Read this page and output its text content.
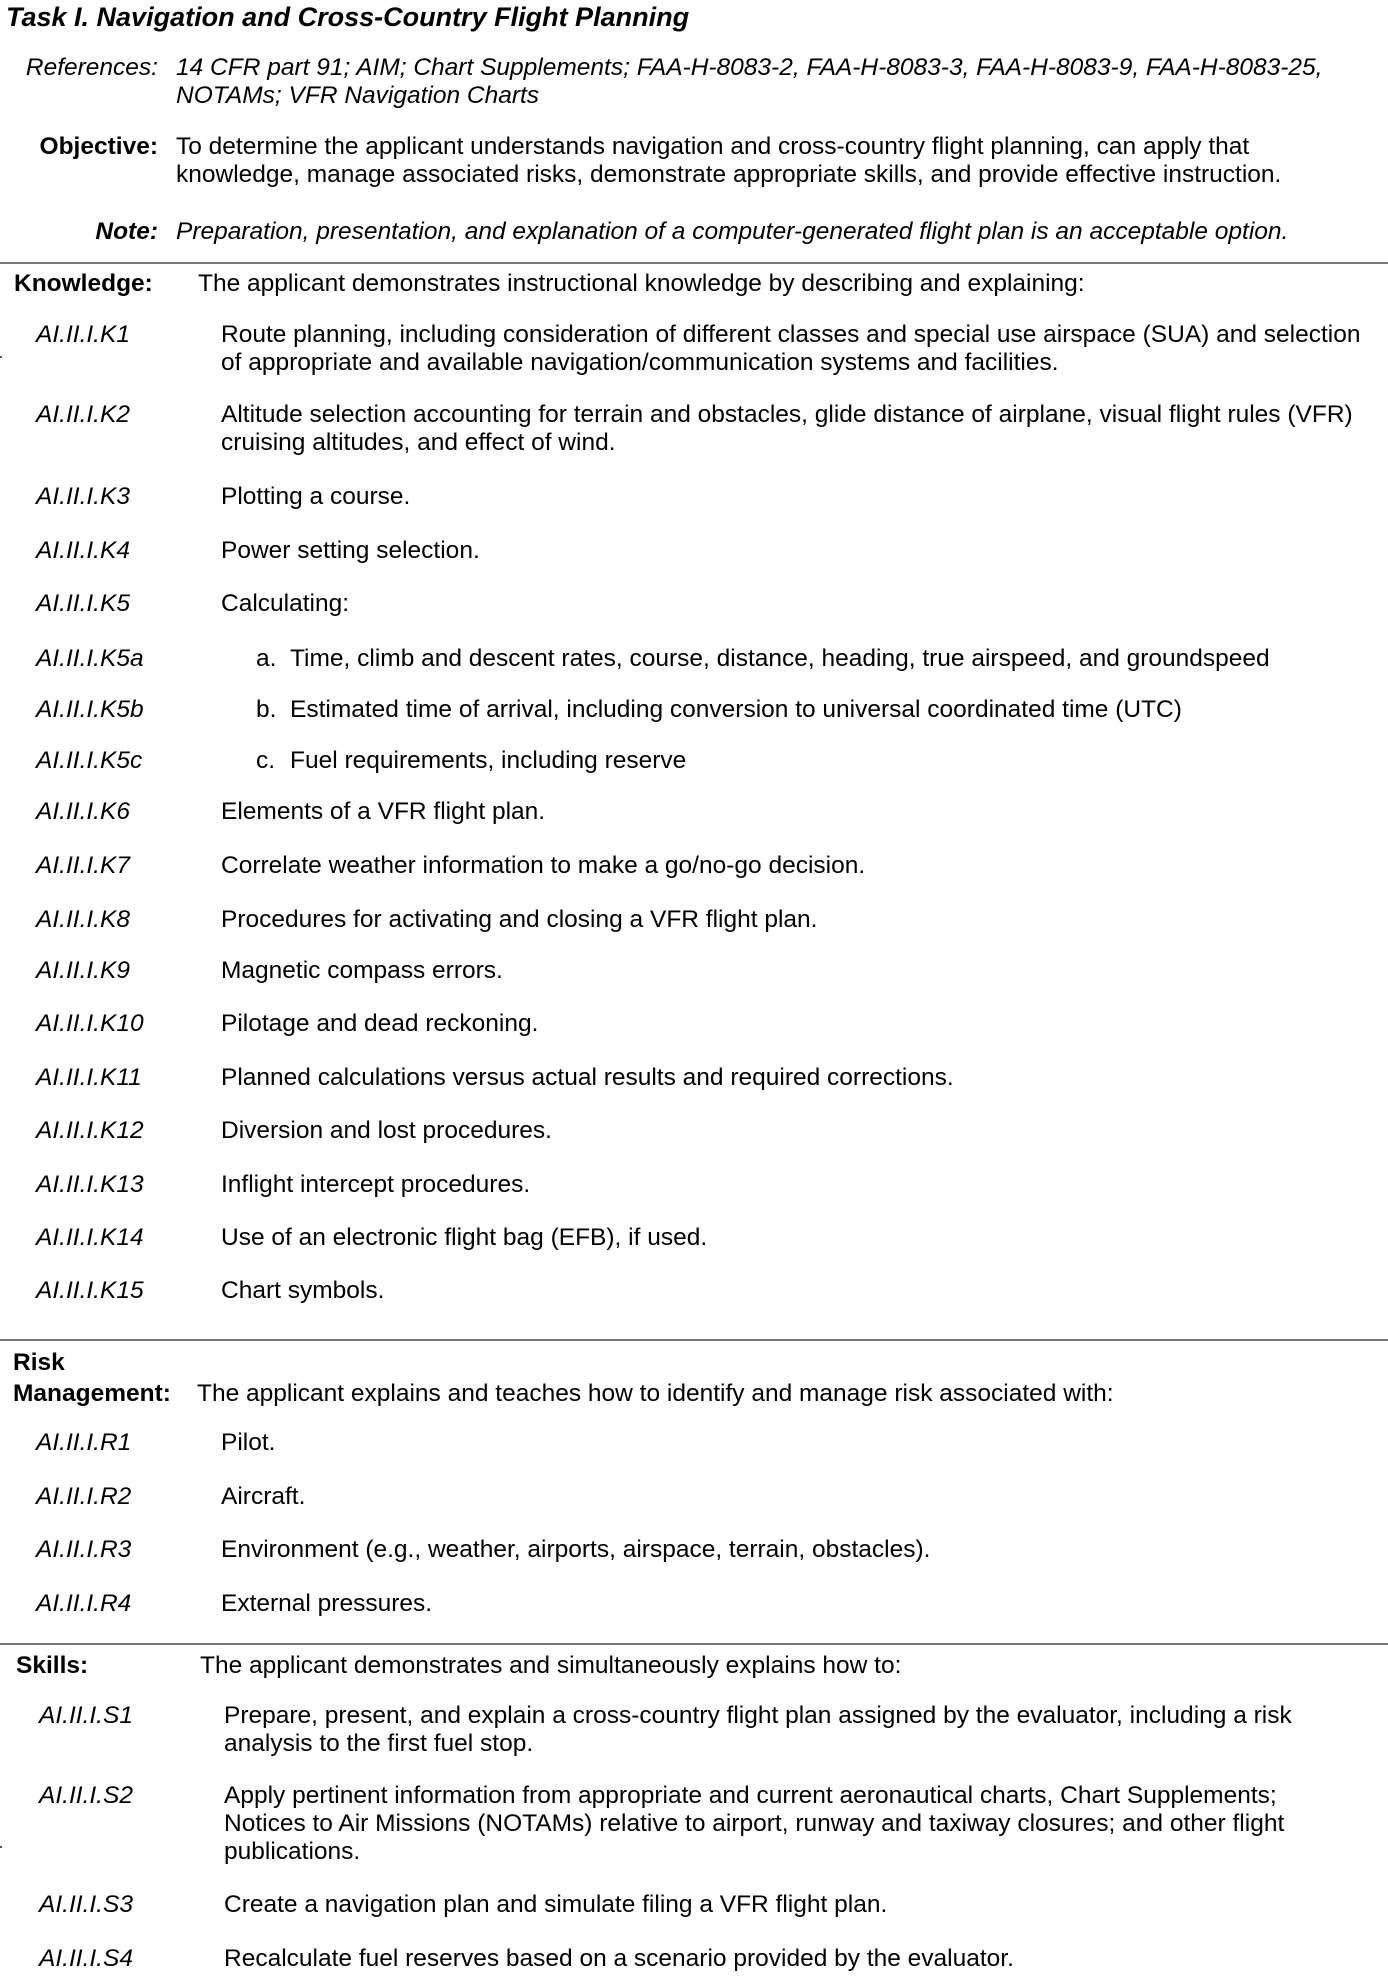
Task I. Navigation and Cross-Country Flight Planning
References: 14 CFR part 91; AIM; Chart Supplements; FAA-H-8083-2, FAA-H-8083-3, FAA-H-8083-9, FAA-H-8083-25, NOTAMs; VFR Navigation Charts
Objective: To determine the applicant understands navigation and cross-country flight planning, can apply that knowledge, manage associated risks, demonstrate appropriate skills, and provide effective instruction.
Note: Preparation, presentation, and explanation of a computer-generated flight plan is an acceptable option.
Knowledge: The applicant demonstrates instructional knowledge by describing and explaining:
AI.II.I.K1	Route planning, including consideration of different classes and special use airspace (SUA) and selection of appropriate and available navigation/communication systems and facilities.
AI.II.I.K2	Altitude selection accounting for terrain and obstacles, glide distance of airplane, visual flight rules (VFR) cruising altitudes, and effect of wind.
AI.II.I.K3	Plotting a course.
AI.II.I.K4	Power setting selection.
AI.II.I.K5	Calculating:
AI.II.I.K5a	a. Time, climb and descent rates, course, distance, heading, true airspeed, and groundspeed
AI.II.I.K5b	b. Estimated time of arrival, including conversion to universal coordinated time (UTC)
AI.II.I.K5c	c. Fuel requirements, including reserve
AI.II.I.K6	Elements of a VFR flight plan.
AI.II.I.K7	Correlate weather information to make a go/no-go decision.
AI.II.I.K8	Procedures for activating and closing a VFR flight plan.
AI.II.I.K9	Magnetic compass errors.
AI.II.I.K10	Pilotage and dead reckoning.
AI.II.I.K11	Planned calculations versus actual results and required corrections.
AI.II.I.K12	Diversion and lost procedures.
AI.II.I.K13	Inflight intercept procedures.
AI.II.I.K14	Use of an electronic flight bag (EFB), if used.
AI.II.I.K15	Chart symbols.
Risk
Management: The applicant explains and teaches how to identify and manage risk associated with:
AI.II.I.R1	Pilot.
AI.II.I.R2	Aircraft.
AI.II.I.R3	Environment (e.g., weather, airports, airspace, terrain, obstacles).
AI.II.I.R4	External pressures.
Skills:	The applicant demonstrates and simultaneously explains how to:
AI.II.I.S1	Prepare, present, and explain a cross-country flight plan assigned by the evaluator, including a risk analysis to the first fuel stop.
AI.II.I.S2	Apply pertinent information from appropriate and current aeronautical charts, Chart Supplements; Notices to Air Missions (NOTAMs) relative to airport, runway and taxiway closures; and other flight publications.
AI.II.I.S3	Create a navigation plan and simulate filing a VFR flight plan.
AI.II.I.S4	Recalculate fuel reserves based on a scenario provided by the evaluator.
